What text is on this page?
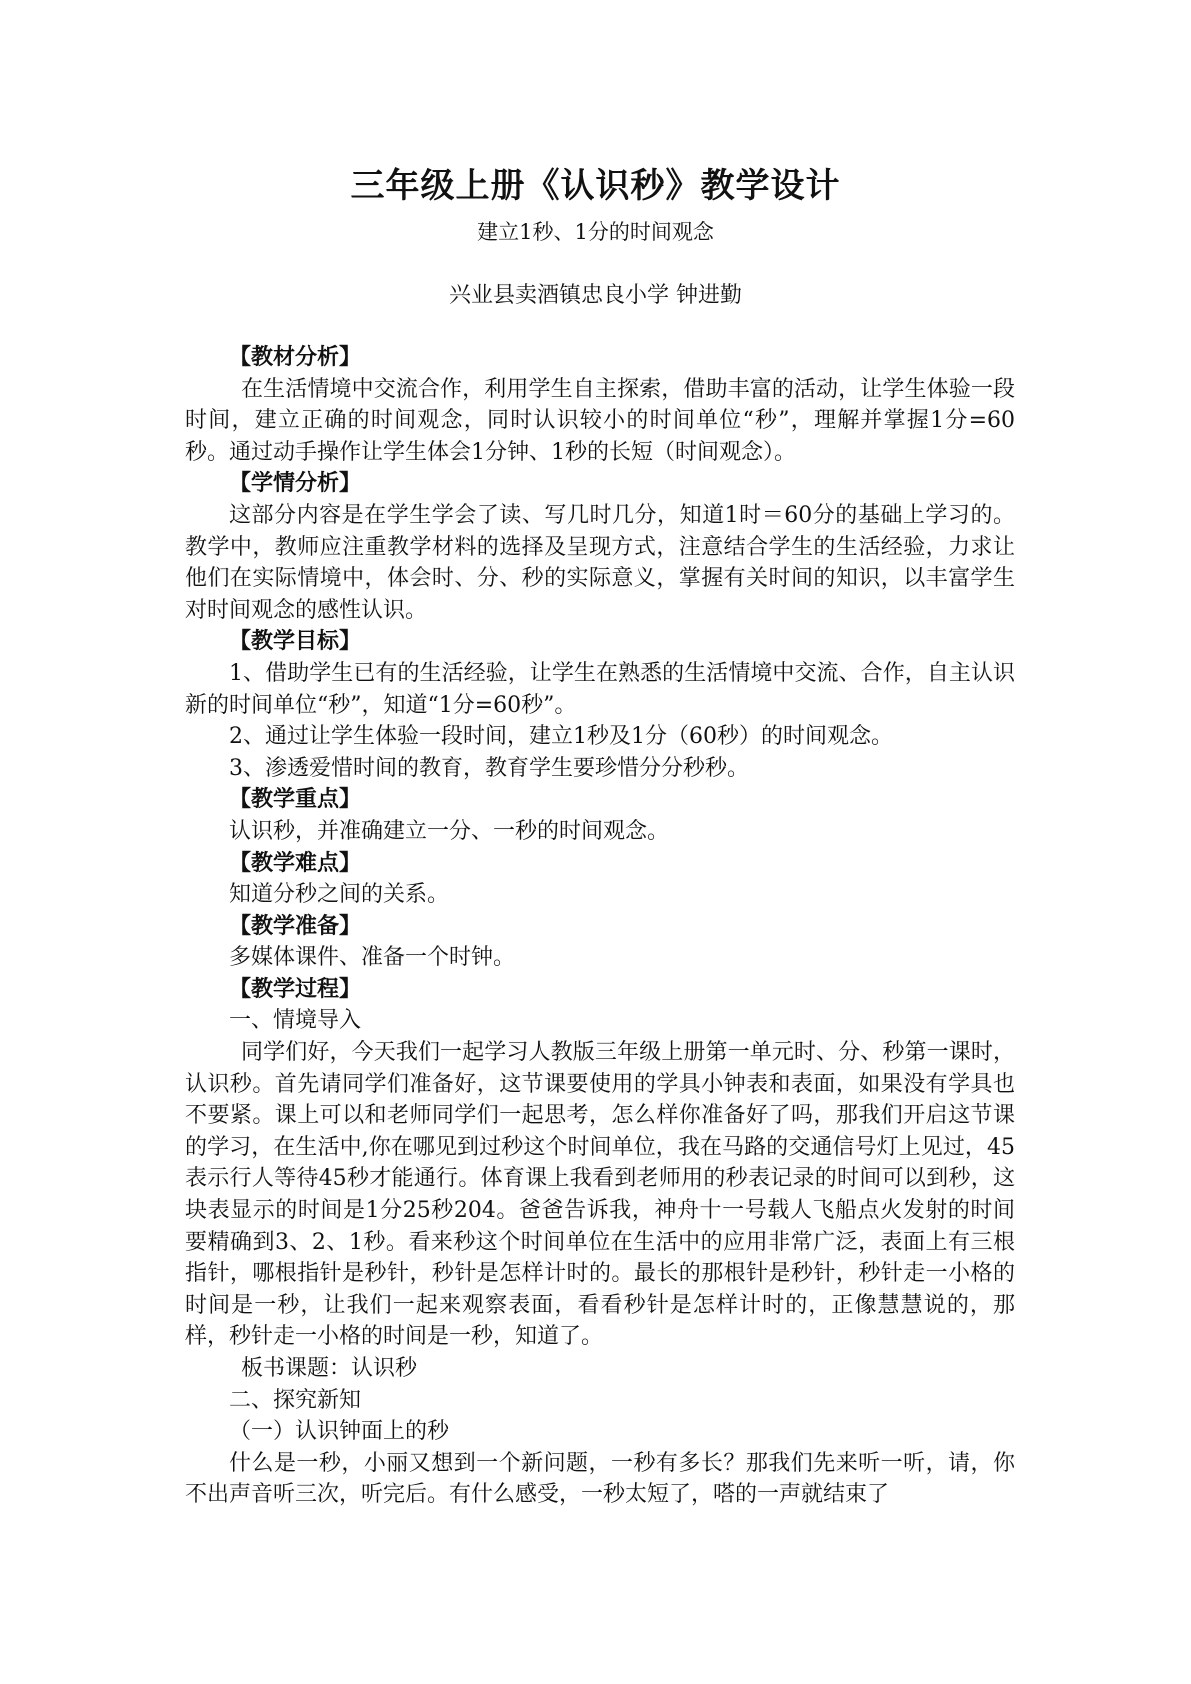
三年级上册《认识秒》教学设计
建立1秒、1分的时间观念
兴业县卖酒镇忠良小学 钟进勤
【教材分析】

在生活情境中交流合作，利用学生自主探索，借助丰富的活动，让学生体验一段时间，建立正确的时间观念，同时认识较小的时间单位“秒”，理解并掌握1分=60秒。通过动手操作让学生体会1分钟、1秒的长短（时间观念）。

【学情分析】

这部分内容是在学生学会了读、写几时几分，知道1时＝60分的基础上学习的。教学中，教师应注重教学材料的选择及呈现方式，注意结合学生的生活经验，力求让他们在实际情境中，体会时、分、秒的实际意义，掌握有关时间的知识，以丰富学生对时间观念的感性认识。

【教学目标】

1、借助学生已有的生活经验，让学生在熟悉的生活情境中交流、合作，自主认识新的时间单位“秒”，知道“1分=60秒”。

2、通过让学生体验一段时间，建立1秒及1分（60秒）的时间观念。

3、渗透爱惜时间的教育，教育学生要珍惜分分秒秒。

【教学重点】

认识秒，并准确建立一分、一秒的时间观念。

【教学难点】

知道分秒之间的关系。

【教学准备】

多媒体课件、准备一个时钟。

【教学过程】

一、情境导入

同学们好，今天我们一起学习人教版三年级上册第一单元时、分、秒第一课时，认识秒。首先请同学们准备好，这节课要使用的学具小钟表和表面，如果没有学具也不要紧。课上可以和老师同学们一起思考，怎么样你准备好了吗，那我们开启这节课的学习，在生活中,你在哪见到过秒这个时间单位，我在马路的交通信号灯上见过，45表示行人等待45秒才能通行。体育课上我看到老师用的秒表记录的时间可以到秒，这块表显示的时间是1分25秒204。爸爸告诉我，神舟十一号载人飞船点火发射的时间要精确到3、2、1秒。看来秒这个时间单位在生活中的应用非常广泛，表面上有三根指针，哪根指针是秒针，秒针是怎样计时的。最长的那根针是秒针，秒针走一小格的时间是一秒，让我们一起来观察表面，看看秒针是怎样计时的，正像慧慧说的，那样，秒针走一小格的时间是一秒，知道了。

板书课题：认识秒

二、探究新知

（一）认识钟面上的秒

什么是一秒，小丽又想到一个新问题，一秒有多长？那我们先来听一听，请，你不出声音听三次，听完后。有什么感受，一秒太短了，嗒的一声就结束了
